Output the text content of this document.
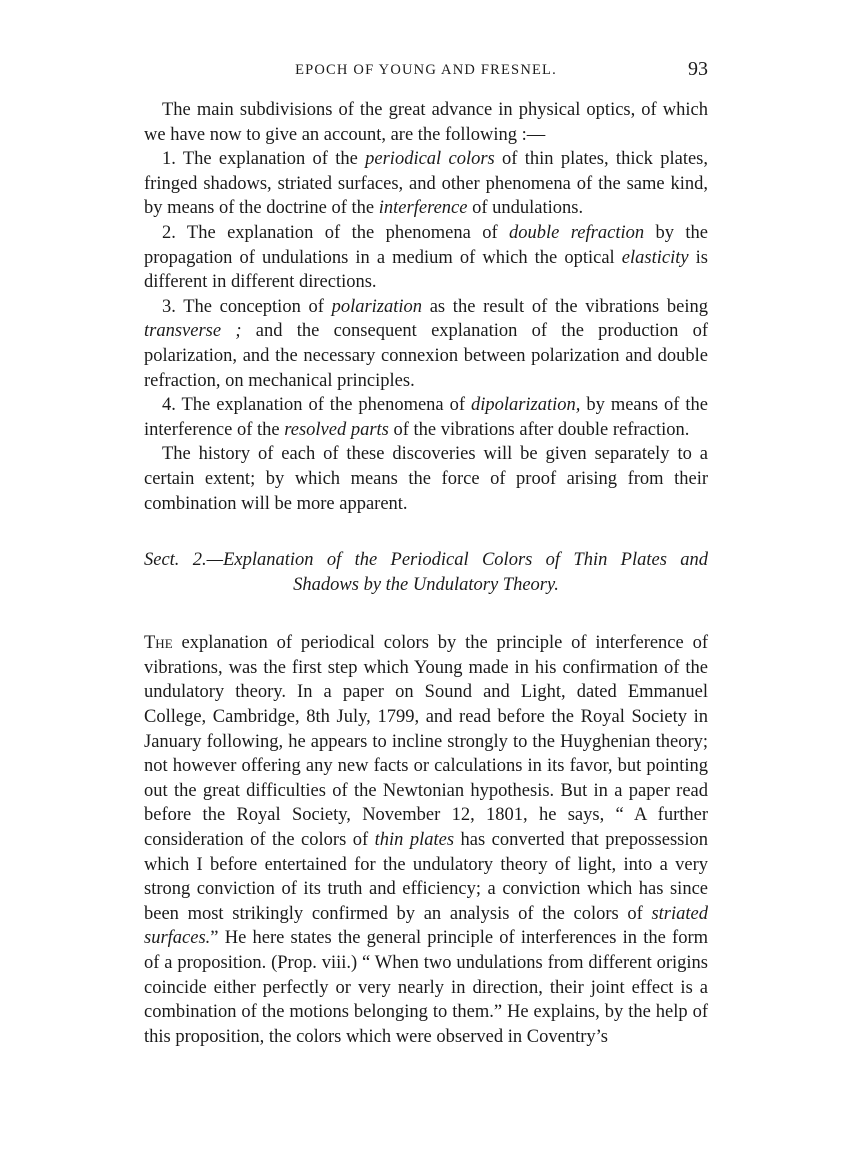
EPOCH OF YOUNG AND FRESNEL.	93

The main subdivisions of the great advance in physical optics, of which we have now to give an account, are the following :—

1. The explanation of the periodical colors of thin plates, thick plates, fringed shadows, striated surfaces, and other phenomena of the same kind, by means of the doctrine of the interference of undulations.

2. The explanation of the phenomena of double refraction by the propagation of undulations in a medium of which the optical elasticity is different in different directions.

3. The conception of polarization as the result of the vibrations being transverse ; and the consequent explanation of the production of polarization, and the necessary connexion between polarization and double refraction, on mechanical principles.

4. The explanation of the phenomena of dipolarization, by means of the interference of the resolved parts of the vibrations after double refraction.

The history of each of these discoveries will be given separately to a certain extent; by which means the force of proof arising from their combination will be more apparent.

Sect. 2.—Explanation of the Periodical Colors of Thin Plates and
Shadows by the Undulatory Theory.

The explanation of periodical colors by the principle of interference of vibrations, was the first step which Young made in his confirmation of the undulatory theory. In a paper on Sound and Light, dated Emmanuel College, Cambridge, 8th July, 1799, and read before the Royal Society in January following, he appears to incline strongly to the Huyghenian theory; not however offering any new facts or calculations in its favor, but pointing out the great difficulties of the Newtonian hypothesis. But in a paper read before the Royal Society, November 12, 1801, he says, “ A further consideration of the colors of thin plates has converted that prepossession which I before entertained for the undulatory theory of light, into a very strong conviction of its truth and efficiency; a conviction which has since been most strikingly confirmed by an analysis of the colors of striated surfaces.” He here states the general principle of interferences in the form of a proposition. (Prop. viii.) “ When two undulations from different origins coincide either perfectly or very nearly in direction, their joint effect is a combination of the motions belonging to them.” He explains, by the help of this proposition, the colors which were observed in Coventry’s
